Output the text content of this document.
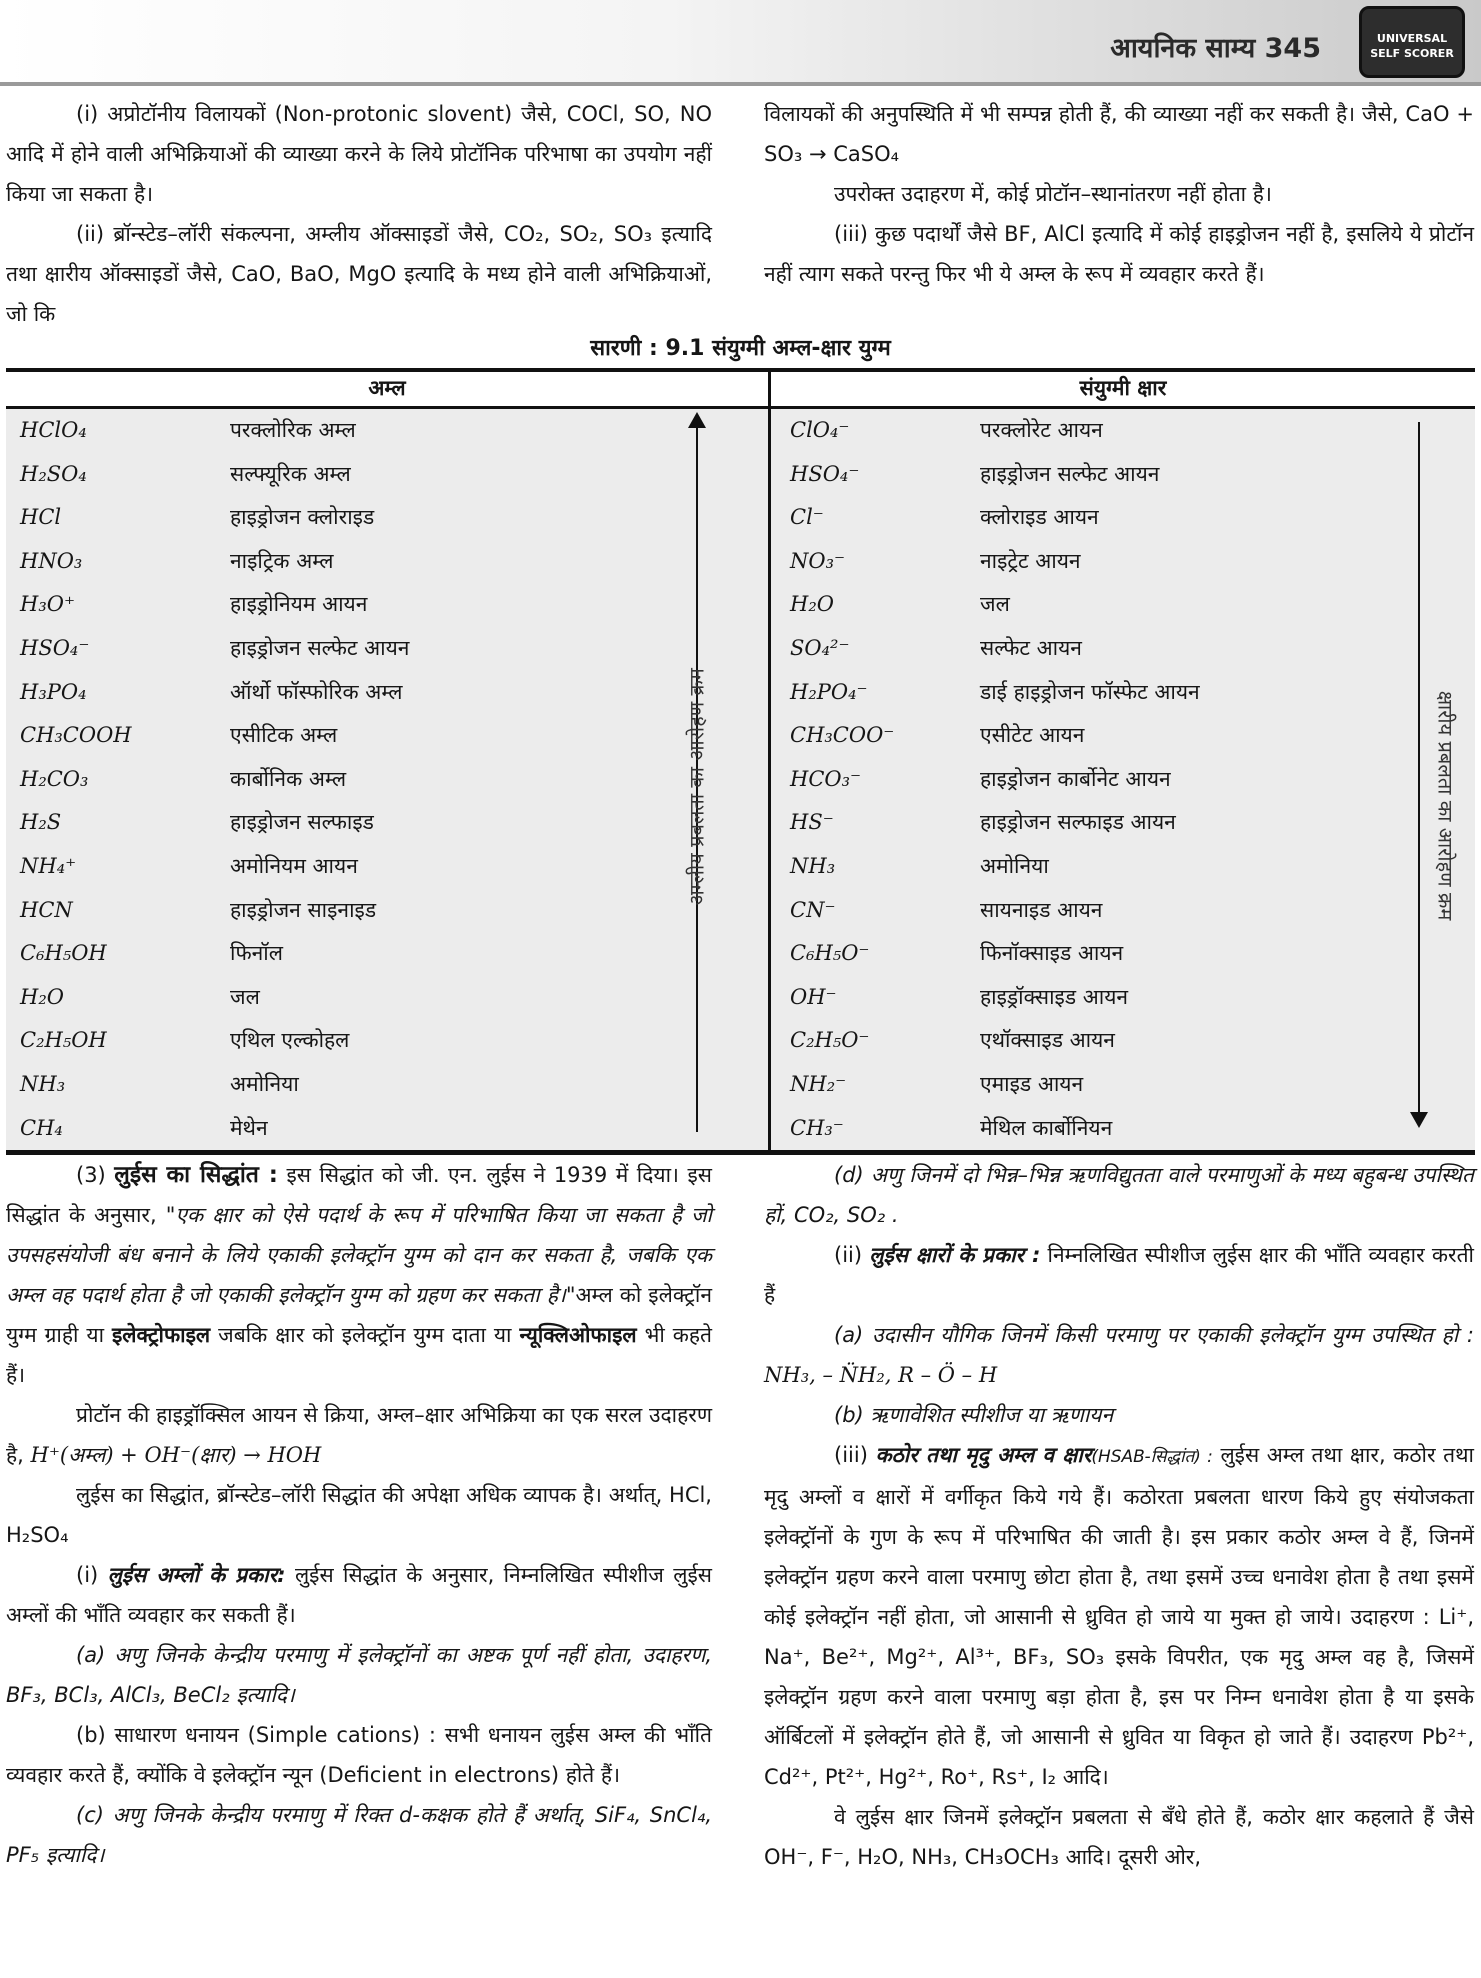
आयनिक साम्य 345	UNIVERSAL
SELF SCORER

(i) अप्रोटॉनीय विलायकों (Non-protonic slovent) जैसे, COCl, SO, NO आदि में होने वाली अभिक्रियाओं की व्याख्या करने के लिये प्रोटॉनिक परिभाषा का उपयोग नहीं किया जा सकता है।

(ii) ब्रॉन्स्टेड–लॉरी संकल्पना, अम्लीय ऑक्साइडों जैसे, CO₂, SO₂, SO₃ इत्यादि तथा क्षारीय ऑक्साइडों जैसे, CaO, BaO, MgO इत्यादि के मध्य होने वाली अभिक्रियाओं, जो कि

विलायकों की अनुपस्थिति में भी सम्पन्न होती हैं, की व्याख्या नहीं कर सकती है। जैसे, CaO + SO₃ → CaSO₄

उपरोक्त उदाहरण में, कोई प्रोटॉन–स्थानांतरण नहीं होता है।

(iii) कुछ पदार्थों जैसे BF, AlCl इत्यादि में कोई हाइड्रोजन नहीं है, इसलिये ये प्रोटॉन नहीं त्याग सकते परन्तु फिर भी ये अम्ल के रूप में व्यवहार करते हैं।

सारणी : 9.1 संयुग्मी अम्ल-क्षार युग्म
अम्ल	संयुग्मी क्षार
HClO₄	परक्लोरिक अम्ल	ClO₄⁻	परक्लोरेट आयन
H₂SO₄	सल्फ्यूरिक अम्ल	HSO₄⁻	हाइड्रोजन सल्फेट आयन
HCl	हाइड्रोजन क्लोराइड	Cl⁻	क्लोराइड आयन
HNO₃	नाइट्रिक अम्ल	NO₃⁻	नाइट्रेट आयन
H₃O⁺	हाइड्रोनियम आयन	H₂O	जल
HSO₄⁻	हाइड्रोजन सल्फेट आयन	SO₄²⁻	सल्फेट आयन
H₃PO₄	ऑर्थो फॉस्फोरिक अम्ल	H₂PO₄⁻	डाई हाइड्रोजन फॉस्फेट आयन
CH₃COOH	एसीटिक अम्ल	CH₃COO⁻	एसीटेट आयन
H₂CO₃	कार्बोनिक अम्ल	HCO₃⁻	हाइड्रोजन कार्बोनेट आयन
H₂S	हाइड्रोजन सल्फाइड	HS⁻	हाइड्रोजन सल्फाइड आयन
NH₄⁺	अमोनियम आयन	NH₃	अमोनिया
HCN	हाइड्रोजन साइनाइड	CN⁻	सायनाइड आयन
C₆H₅OH	फिनॉल	C₆H₅O⁻	फिनॉक्साइड आयन
H₂O	जल	OH⁻	हाइड्रॉक्साइड आयन
C₂H₅OH	एथिल एल्कोहल	C₂H₅O⁻	एथॉक्साइड आयन
NH₃	अमोनिया	NH₂⁻	एमाइड आयन
CH₄	मेथेन	CH₃⁻	मेथिल कार्बोनियन
अम्लीय प्रबलता का आरोहण क्रम	क्षारीय प्रबलता का आरोहण क्रम

(3) लुईस का सिद्धांत : इस सिद्धांत को जी. एन. लुईस ने 1939 में दिया। इस सिद्धांत के अनुसार, "एक क्षार को ऐसे पदार्थ के रूप में परिभाषित किया जा सकता है जो उपसहसंयोजी बंध बनाने के लिये एकाकी इलेक्ट्रॉन युग्म को दान कर सकता है, जबकि एक अम्ल वह पदार्थ होता है जो एकाकी इलेक्ट्रॉन युग्म को ग्रहण कर सकता है।"अम्ल को इलेक्ट्रॉन युग्म ग्राही या इलेक्ट्रोफाइल जबकि क्षार को इलेक्ट्रॉन युग्म दाता या न्यूक्लिओफाइल भी कहते हैं।

प्रोटॉन की हाइड्रॉक्सिल आयन से क्रिया, अम्ल–क्षार अभिक्रिया का एक सरल उदाहरण है, H⁺(अम्ल) + OH⁻(क्षार) → HOH

लुईस का सिद्धांत, ब्रॉन्स्टेड–लॉरी सिद्धांत की अपेक्षा अधिक व्यापक है। अर्थात्, HCl, H₂SO₄

(i) लुईस अम्लों के प्रकार: लुईस सिद्धांत के अनुसार, निम्नलिखित स्पीशीज लुईस अम्लों की भाँति व्यवहार कर सकती हैं।

(a) अणु जिनके केन्द्रीय परमाणु में इलेक्ट्रॉनों का अष्टक पूर्ण नहीं होता, उदाहरण, BF₃, BCl₃, AlCl₃, BeCl₂ इत्यादि।

(b) साधारण धनायन (Simple cations) : सभी धनायन लुईस अम्ल की भाँति व्यवहार करते हैं, क्योंकि वे इलेक्ट्रॉन न्यून (Deficient in electrons) होते हैं।

(c) अणु जिनके केन्द्रीय परमाणु में रिक्त d-कक्षक होते हैं अर्थात्, SiF₄, SnCl₄, PF₅ इत्यादि।

(d) अणु जिनमें दो भिन्न–भिन्न ऋणविद्युतता वाले परमाणुओं के मध्य बहुबन्ध उपस्थित हों, CO₂, SO₂ .

(ii) लुईस क्षारों के प्रकार : निम्नलिखित स्पीशीज लुईस क्षार की भाँति व्यवहार करती हैं

(a) उदासीन यौगिक जिनमें किसी परमाणु पर एकाकी इलेक्ट्रॉन युग्म उपस्थित हो : NH₃, – N̈H₂, R – Ö – H

(b) ऋणावेशित स्पीशीज या ऋणायन

(iii) कठोर तथा मृदु अम्ल व क्षार(HSAB-सिद्धांत) : लुईस अम्ल तथा क्षार, कठोर तथा मृदु अम्लों व क्षारों में वर्गीकृत किये गये हैं। कठोरता प्रबलता धारण किये हुए संयोजकता इलेक्ट्रॉनों के गुण के रूप में परिभाषित की जाती है। इस प्रकार कठोर अम्ल वे हैं, जिनमें इलेक्ट्रॉन ग्रहण करने वाला परमाणु छोटा होता है, तथा इसमें उच्च धनावेश होता है तथा इसमें कोई इलेक्ट्रॉन नहीं होता, जो आसानी से ध्रुवित हो जाये या मुक्त हो जाये। उदाहरण : Li⁺, Na⁺, Be²⁺, Mg²⁺, Al³⁺, BF₃, SO₃ इसके विपरीत, एक मृदु अम्ल वह है, जिसमें इलेक्ट्रॉन ग्रहण करने वाला परमाणु बड़ा होता है, इस पर निम्न धनावेश होता है या इसके ऑर्बिटलों में इलेक्ट्रॉन होते हैं, जो आसानी से ध्रुवित या विकृत हो जाते हैं। उदाहरण Pb²⁺, Cd²⁺, Pt²⁺, Hg²⁺, Ro⁺, Rs⁺, I₂ आदि।

वे लुईस क्षार जिनमें इलेक्ट्रॉन प्रबलता से बँधे होते हैं, कठोर क्षार कहलाते हैं जैसे OH⁻, F⁻, H₂O, NH₃, CH₃OCH₃ आदि। दूसरी ओर,
